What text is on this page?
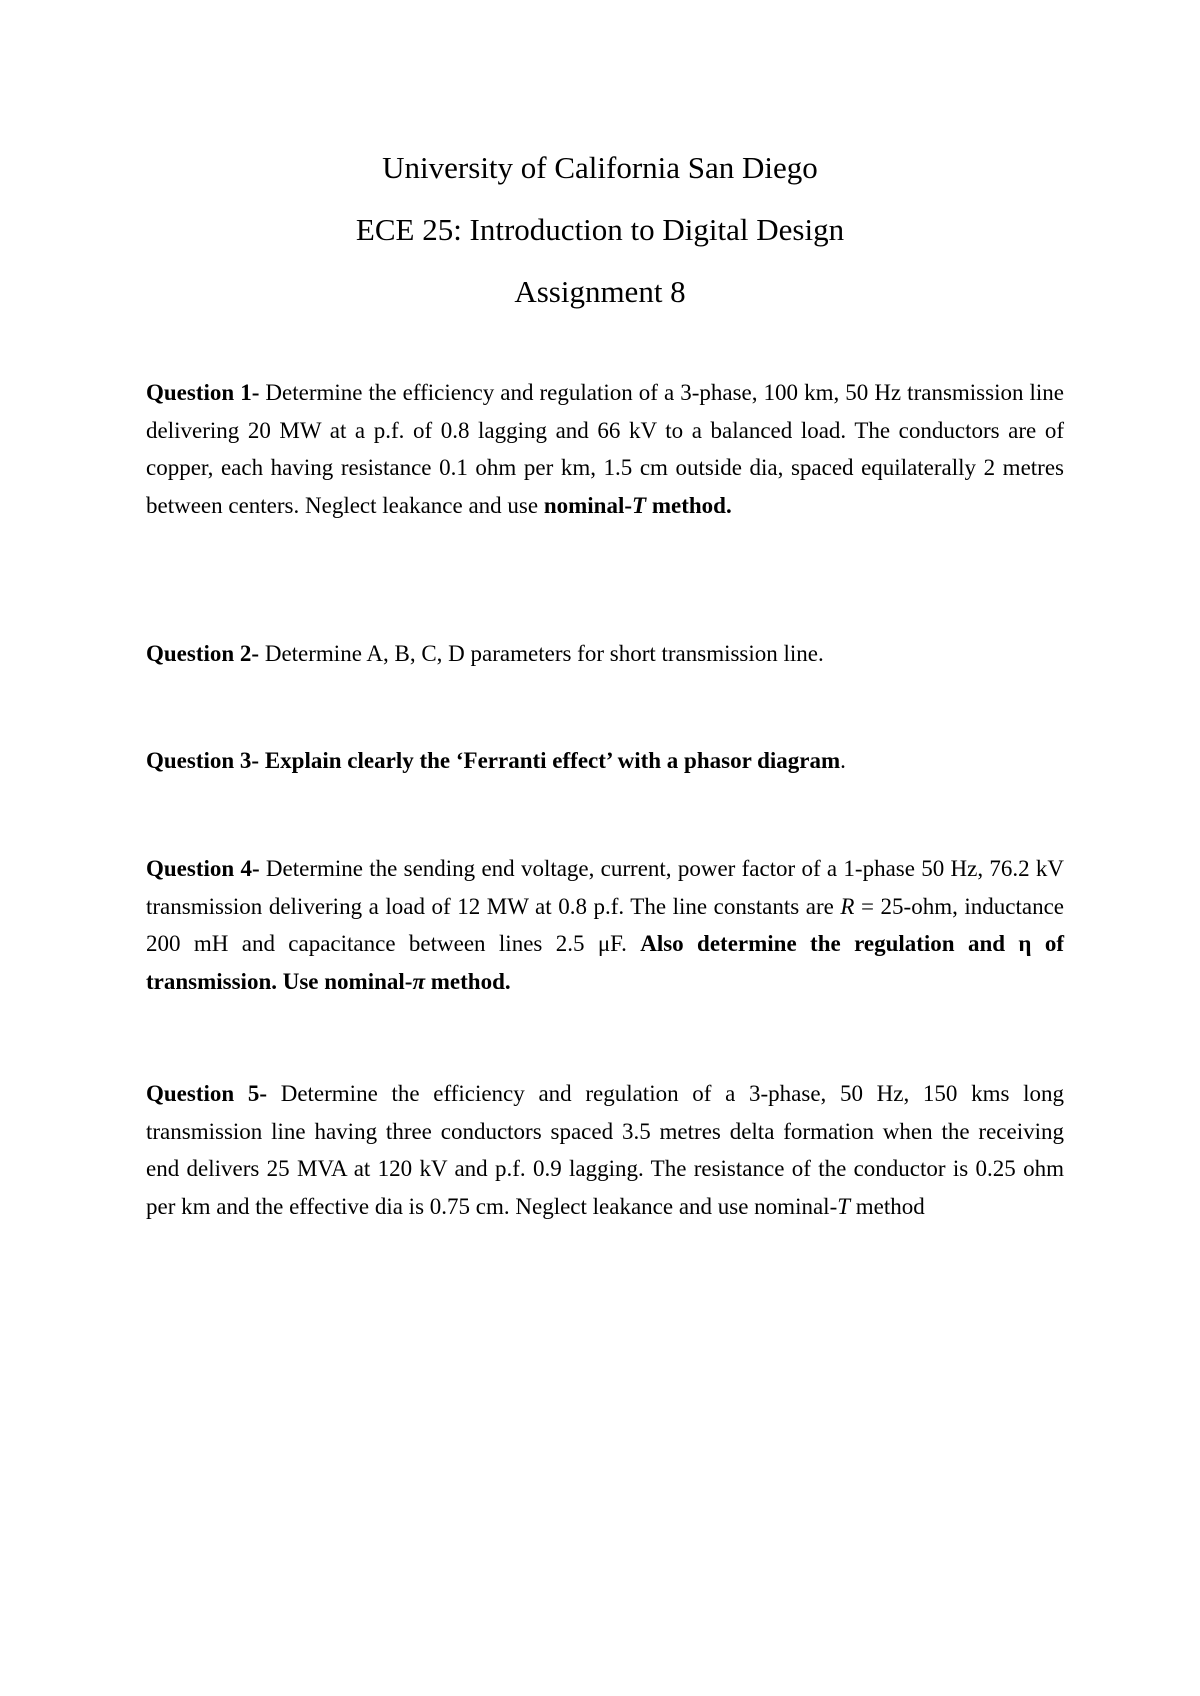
University of California San Diego
ECE 25: Introduction to Digital Design
Assignment 8

Question 1- Determine the efficiency and regulation of a 3-phase, 100 km, 50 Hz transmission line delivering 20 MW at a p.f. of 0.8 lagging and 66 kV to a balanced load. The conductors are of copper, each having resistance 0.1 ohm per km, 1.5 cm outside dia, spaced equilaterally 2 metres between centers. Neglect leakance and use nominal-T method.

Question 2- Determine A, B, C, D parameters for short transmission line.

Question 3- Explain clearly the ‘Ferranti effect’ with a phasor diagram.

Question 4- Determine the sending end voltage, current, power factor of a 1-phase 50 Hz, 76.2 kV transmission delivering a load of 12 MW at 0.8 p.f. The line constants are R = 25-ohm, inductance 200 mH and capacitance between lines 2.5 μF. Also determine the regulation and η of transmission. Use nominal-π method.

Question 5- Determine the efficiency and regulation of a 3-phase, 50 Hz, 150 kms long transmission line having three conductors spaced 3.5 metres delta formation when the receiving end delivers 25 MVA at 120 kV and p.f. 0.9 lagging. The resistance of the conductor is 0.25 ohm per km and the effective dia is 0.75 cm. Neglect leakance and use nominal-T method
